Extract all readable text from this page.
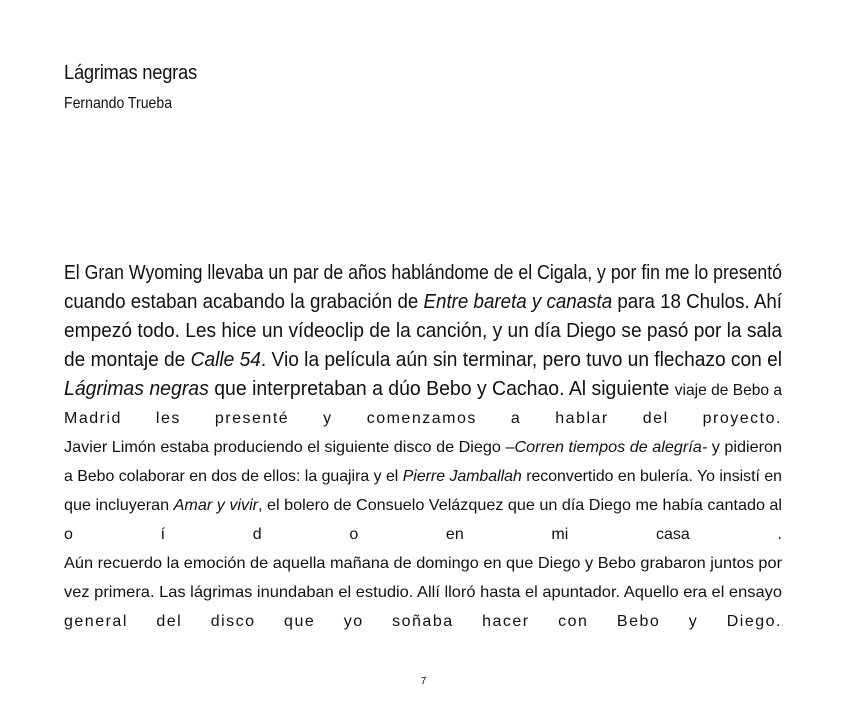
Lágrimas negras
Fernando Trueba
El Gran Wyoming llevaba un par de años hablándome de el Cigala, y por fin me lo presentó
cuando estaban acabando la grabación de Entre bareta y canasta para 18 Chulos. Ahí
empezó todo. Les hice un vídeoclip de la canción, y un día Diego se pasó por la sala
de montaje de Calle 54. Vio la película aún sin terminar, pero tuvo un flechazo con el
Lágrimas negras que interpretaban a dúo Bebo y Cachao. Al siguiente viaje de Bebo a
Madrid les presenté y comenzamos a hablar del proyecto.
Javier Limón estaba produciendo el siguiente disco de Diego –Corren tiempos de alegría- y pidieron
a Bebo colaborar en dos de ellos: la guajira y el Pierre Jamballah reconvertido en bulería. Yo insistí en
que incluyeran Amar y vivir, el bolero de Consuelo Velázquez que un día Diego me había cantado al
o	í	d	o	en	mi	casa	.
Aún recuerdo la emoción de aquella mañana de domingo en que Diego y Bebo grabaron juntos por
vez primera. Las lágrimas inundaban el estudio. Allí lloró hasta el apuntador. Aquello era el ensayo
general del disco que yo soñaba hacer con Bebo y Diego.
7
